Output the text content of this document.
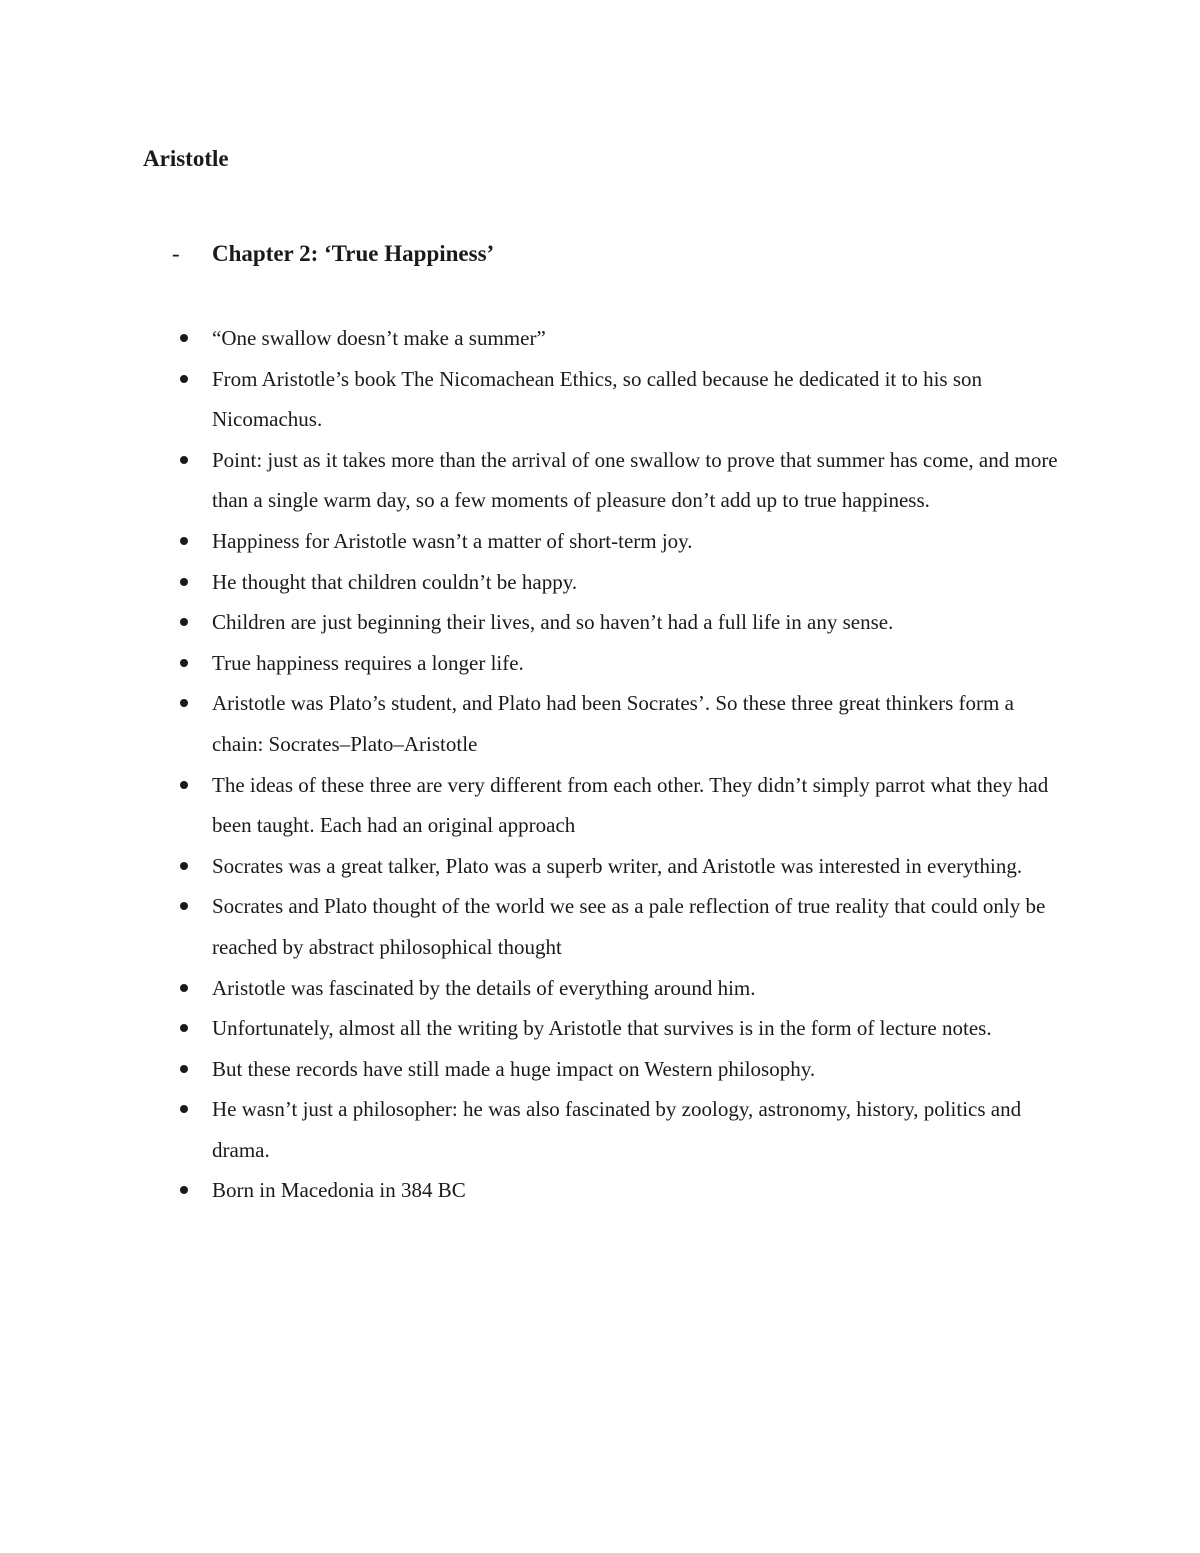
Aristotle
-	Chapter 2: ‘True Happiness’
“One swallow doesn’t make a summer”
From Aristotle’s book The Nicomachean Ethics, so called because he dedicated it to his son Nicomachus.
Point: just as it takes more than the arrival of one swallow to prove that summer has come, and more than a single warm day, so a few moments of pleasure don’t add up to true happiness.
Happiness for Aristotle wasn’t a matter of short-term joy.
He thought that children couldn’t be happy.
Children are just beginning their lives, and so haven’t had a full life in any sense.
True happiness requires a longer life.
Aristotle was Plato’s student, and Plato had been Socrates’. So these three great thinkers form a chain: Socrates–Plato–Aristotle
The ideas of these three are very different from each other. They didn’t simply parrot what they had been taught. Each had an original approach
Socrates was a great talker, Plato was a superb writer, and Aristotle was interested in everything.
Socrates and Plato thought of the world we see as a pale reflection of true reality that could only be reached by abstract philosophical thought
Aristotle was fascinated by the details of everything around him.
Unfortunately, almost all the writing by Aristotle that survives is in the form of lecture notes.
But these records have still made a huge impact on Western philosophy.
He wasn’t just a philosopher: he was also fascinated by zoology, astronomy, history, politics and drama.
Born in Macedonia in 384 BC
